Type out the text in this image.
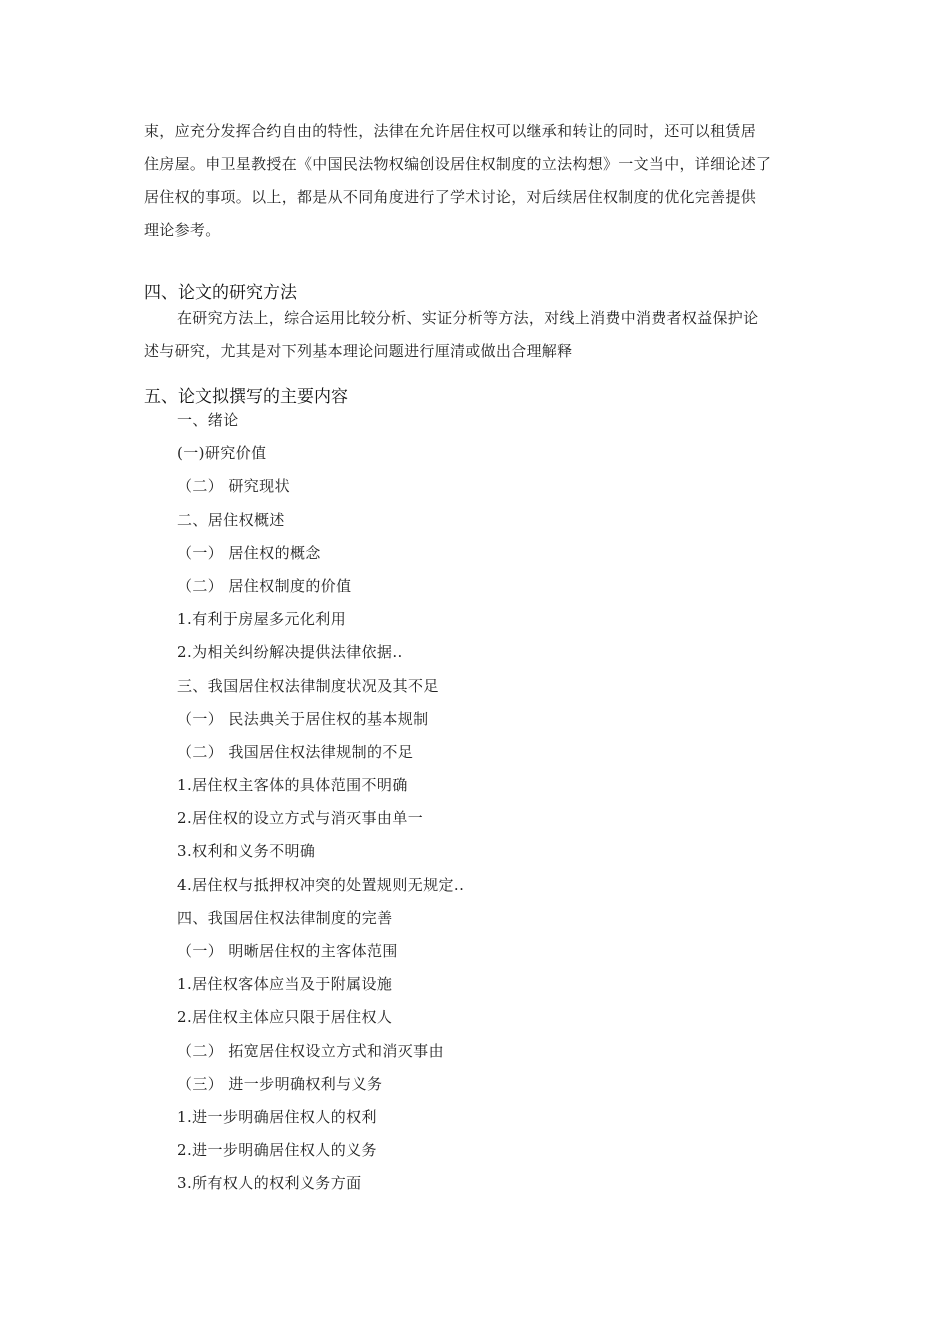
束，应充分发挥合约自由的特性，法律在允许居住权可以继承和转让的同时，还可以租赁居
住房屋。申卫星教授在《中国民法物权编创设居住权制度的立法构想》一文当中，详细论述了
居住权的事项。以上，都是从不同角度进行了学术讨论，对后续居住权制度的优化完善提供
理论参考。
四、论文的研究方法
在研究方法上，综合运用比较分析、实证分析等方法，对线上消费中消费者权益保护论
述与研究，尤其是对下列基本理论问题进行厘清或做出合理解释
五、论文拟撰写的主要内容
一、绪论
(一)研究价值
（二） 研究现状
二、居住权概述
（一） 居住权的概念
（二） 居住权制度的价值
1.有利于房屋多元化利用
2.为相关纠纷解决提供法律依据..
三、我国居住权法律制度状况及其不足
（一） 民法典关于居住权的基本规制
（二） 我国居住权法律规制的不足
1.居住权主客体的具体范围不明确
2.居住权的设立方式与消灭事由单一
3.权利和义务不明确
4.居住权与抵押权冲突的处置规则无规定..
四、我国居住权法律制度的完善
（一） 明晰居住权的主客体范围
1.居住权客体应当及于附属设施
2.居住权主体应只限于居住权人
（二） 拓宽居住权设立方式和消灭事由
（三） 进一步明确权利与义务
1.进一步明确居住权人的权利
2.进一步明确居住权人的义务
3.所有权人的权利义务方面
